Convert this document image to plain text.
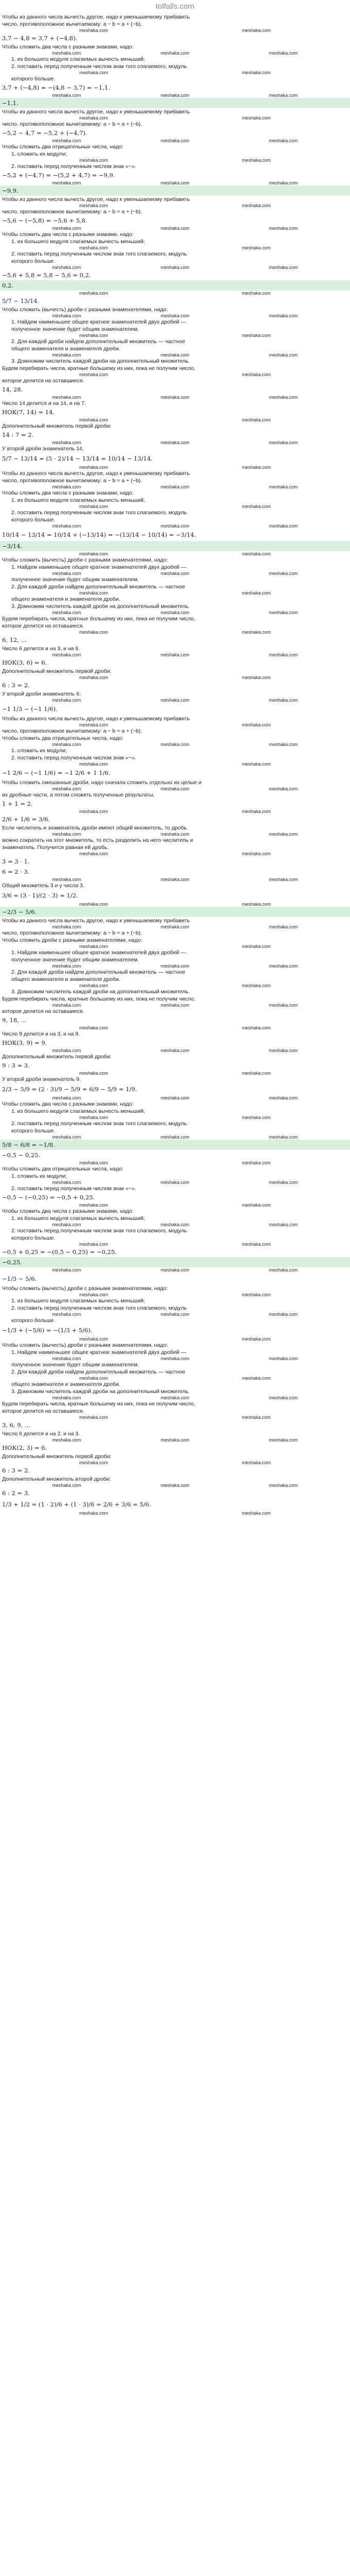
tolfalls.com
Чтобы из данного числа вычесть другое, надо к уменьшаемому прибавить
число, противоположное вычитаемому: a − b = a + (−b).
meshaka.com	meshaka.com
3,7 − 4,8 = 3,7 + (−4,8).
Чтобы сложить два числа с разными знаками, надо:
meshaka.com	meshaka.com	meshaka.com
1. из большего модуля слагаемых вычесть меньший;
2. поставить перед полученным числом знак того слагаемого, модуль
meshaka.com	meshaka.com
которого больше.
3,7 + (−4,8) = −(4,8 − 3,7) = −1,1.
meshaka.com	meshaka.com	meshaka.com
−1,1.
Чтобы из данного числа вычесть другое, надо к уменьшаемому прибавить
meshaka.com	meshaka.com
число, противоположное вычитаемому: a − b = a + (−b).
−5,2 − 4,7 = −5,2 + (−4,7).
meshaka.com	meshaka.com	meshaka.com
Чтобы сложить два отрицательных числа, надо:
1. сложить их модули;
meshaka.com	meshaka.com
2. поставить перед полученным числом знак «−».
−5,2 + (−4,7) = −(5,2 + 4,7) = −9,9.
meshaka.com	meshaka.com	meshaka.com
−9,9.
Чтобы из данного числа вычесть другое, надо к уменьшаемому прибавить
meshaka.com	meshaka.com
число, противоположное вычитаемому: a − b = a + (−b).
−5,6 − (−5,8) = −5,6 + 5,8.
meshaka.com	meshaka.com	meshaka.com
Чтобы сложить два числа с разными знаками, надо:
1. из большего модуля слагаемых вычесть меньший;
meshaka.com	meshaka.com
2. поставить перед полученным числом знак того слагаемого, модуль
которого больше.
meshaka.com	meshaka.com	meshaka.com
−5,6 + 5,8 = 5,8 − 5,6 = 0,2.
0,2.
meshaka.com	meshaka.com
5/7 − 13/14.
Чтобы сложить (вычесть) дроби с разными знаменателями, надо:
meshaka.com	meshaka.com	meshaka.com
1. Найдем наименьшее общее кратное знаменателей двух дробей —
полученное значение будет общим знаменателем.
meshaka.com	meshaka.com
2. Для каждой дроби найдем дополнительный множитель — частное
общего знаменателя и знаменателя дроби.
meshaka.com	meshaka.com	meshaka.com
3. Домножим числитель каждой дроби на дополнительный множитель.
Будем перебирать числа, кратные большему из них, пока не получим число,
meshaka.com	meshaka.com
которое делится на оставшиеся.
14, 28.
meshaka.com	meshaka.com	meshaka.com
Число 14 делится и на 14, и на 7.
НОК(7, 14) = 14.
meshaka.com	meshaka.com
Дополнительный множитель первой дроби:
14 : 7 = 2.
meshaka.com	meshaka.com	meshaka.com
У второй дроби знаменатель 14.
5/7 − 13/14 = (5 · 2)/14 − 13/14 = 10/14 − 13/14.
meshaka.com	meshaka.com
Чтобы из данного числа вычесть другое, надо к уменьшаемому прибавить
число, противоположное вычитаемому: a − b = a + (−b).
meshaka.com	meshaka.com	meshaka.com
Чтобы сложить два числа с разными знаками, надо:
1. из большего модуля слагаемых вычесть меньший;
meshaka.com	meshaka.com
2. поставить перед полученным числом знак того слагаемого, модуль
которого больше.
meshaka.com	meshaka.com	meshaka.com
10/14 − 13/14 = 10/14 + (−13/14) = −(13/14 − 10/14) = −3/14.
−3/14.
meshaka.com	meshaka.com
Чтобы сложить (вычесть) дроби с разными знаменателями, надо:
1. Найдем наименьшее общее кратное знаменателей двух дробей —
meshaka.com	meshaka.com	meshaka.com
полученное значение будет общим знаменателем.
2. Для каждой дроби найдем дополнительный множитель — частное
meshaka.com	meshaka.com
общего знаменателя и знаменателя дроби.
3. Домножим числитель каждой дроби на дополнительный множитель.
meshaka.com	meshaka.com	meshaka.com
Будем перебирать числа, кратные большему из них, пока не получим число,
которое делится на оставшиеся.
meshaka.com	meshaka.com
6, 12, ...
Число 6 делится и на 3, и на 6.
meshaka.com	meshaka.com	meshaka.com
НОК(3, 6) = 6.
Дополнительный множитель первой дроби:
meshaka.com	meshaka.com
6 : 3 = 2.
У второй дроби знаменатель 6.
meshaka.com	meshaka.com	meshaka.com
−1 1/3 − (−1 1/6).
Чтобы из данного числа вычесть другое, надо к уменьшаемому прибавить
meshaka.com	meshaka.com
число, противоположное вычитаемому: a − b = a + (−b).
Чтобы сложить два отрицательных числа, надо:
meshaka.com	meshaka.com	meshaka.com
1. сложить их модули;
2. поставить перед полученным числом знак «−».
meshaka.com	meshaka.com
−1 2/6 − (−1 1/6) = −1 2/6 + 1 1/6.
Чтобы сложить смешанные дроби, надо сначала сложить отдельно их целые и
meshaka.com	meshaka.com	meshaka.com
их дробные части, а потом сложить полученные результаты.
1 + 1 = 2.
meshaka.com	meshaka.com
2/6 + 1/6 = 3/6.
Если числитель и знаменатель дроби имеют общий множитель, то дробь
meshaka.com	meshaka.com	meshaka.com
можно сократить на этот множитель, то есть разделить на него числитель и
знаменатель. Получится равная ей дробь.
meshaka.com	meshaka.com
3 = 3 · 1.
6 = 2 · 3.
meshaka.com	meshaka.com	meshaka.com
Общий множитель 3 и у числа 3.
3/6 = (3 · 1)/(2 · 3) = 1/2.
meshaka.com	meshaka.com
−2/3 − 5/6.
Чтобы из данного числа вычесть другое, надо к уменьшаемому прибавить
meshaka.com	meshaka.com	meshaka.com
число, противоположное вычитаемому: a − b = a + (−b).
Чтобы сложить дроби с разными знаменателями, надо:
meshaka.com	meshaka.com
1. Найдем наименьшее общее кратное знаменателей двух дробей —
полученное значение будет общим знаменателем.
meshaka.com	meshaka.com	meshaka.com
2. Для каждой дроби найдем дополнительный множитель — частное
общего знаменателя и знаменателя дроби.
meshaka.com	meshaka.com
3. Домножим числитель каждой дроби на дополнительный множитель.
Будем перебирать числа, кратные большему из них, пока не получим число,
meshaka.com	meshaka.com	meshaka.com
которое делится на оставшиеся.
9, 18, ...
meshaka.com	meshaka.com
Число 9 делится и на 3, и на 9.
НОК(3, 9) = 9.
meshaka.com	meshaka.com	meshaka.com
Дополнительный множитель первой дроби:
9 : 3 = 3.
meshaka.com	meshaka.com
У второй дроби знаменатель 9.
2/3 − 5/9 = (2 · 3)/9 − 5/9 = 6/9 − 5/9 = 1/9.
meshaka.com	meshaka.com	meshaka.com
Чтобы сложить два числа с разными знаками, надо:
1. из большего модуля слагаемых вычесть меньший;
meshaka.com	meshaka.com
2. поставить перед полученным числом знак того слагаемого, модуль
которого больше.
meshaka.com	meshaka.com	meshaka.com
5/8 − 6/8 = −1/8.
−0,5 − 0,25.
meshaka.com	meshaka.com
Чтобы сложить два отрицательных числа, надо:
1. сложить их модули;
meshaka.com	meshaka.com	meshaka.com
2. поставить перед полученным числом знак «−».
−0,5 − (−0,25) = −0,5 + 0,25.
meshaka.com	meshaka.com
Чтобы сложить два числа с разными знаками, надо:
1. из большего модуля слагаемых вычесть меньший;
meshaka.com	meshaka.com	meshaka.com
2. поставить перед полученным числом знак того слагаемого, модуль
которого больше.
meshaka.com	meshaka.com
−0,5 + 0,25 = −(0,5 − 0,25) = −0,25.
−0,25.
meshaka.com	meshaka.com	meshaka.com
−1/3 − 5/6.
Чтобы сложить (вычесть) дроби с разными знаменателями, надо:
meshaka.com	meshaka.com
1. из большего модуля слагаемых вычесть меньший;
2. поставить перед полученным числом знак того слагаемого, модуль
meshaka.com	meshaka.com	meshaka.com
которого больше.
−1/3 + (−5/6) = −(1/3 + 5/6).
meshaka.com	meshaka.com
Чтобы сложить (вычесть) дроби с разными знаменателями, надо:
1. Найдем наименьшее общее кратное знаменателей двух дробей —
meshaka.com	meshaka.com	meshaka.com
полученное значение будет общим знаменателем.
2. Для каждой дроби найдем дополнительный множитель — частное
meshaka.com	meshaka.com
общего знаменателя и знаменателя дроби.
3. Домножим числитель каждой дроби на дополнительный множитель.
meshaka.com	meshaka.com	meshaka.com
Будем перебирать числа, кратные большему из них, пока не получим число,
которое делится на оставшиеся.
meshaka.com	meshaka.com
3, 6, 9, ...
Число 6 делится и на 2, и на 3.
meshaka.com	meshaka.com	meshaka.com
НОК(2, 3) = 6.
Дополнительный множитель первой дроби:
meshaka.com	meshaka.com
6 : 3 = 2.
Дополнительный множитель второй дроби:
meshaka.com	meshaka.com	meshaka.com
6 : 2 = 3.
1/3 + 1/2 = (1 · 2)/6 + (1 · 3)/6 = 2/6 + 3/6 = 5/6.
meshaka.com	meshaka.com
